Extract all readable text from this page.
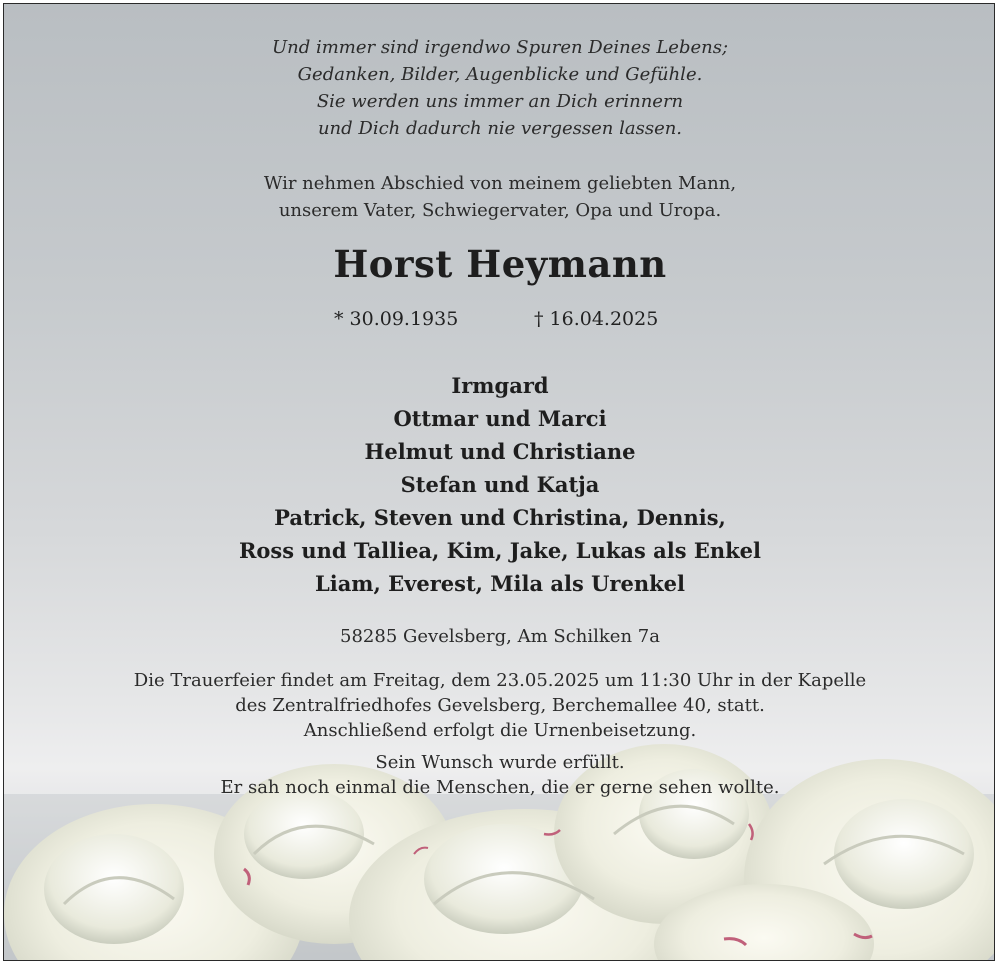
Und immer sind irgendwo Spuren Deines Lebens;
Gedanken, Bilder, Augenblicke und Gefühle.
Sie werden uns immer an Dich erinnern
und Dich dadurch nie vergessen lassen.
Wir nehmen Abschied von meinem geliebten Mann,
unserem Vater, Schwiegervater, Opa und Uropa.
Horst Heymann
* 30.09.1935	† 16.04.2025
Irmgard
Ottmar und Marci
Helmut und Christiane
Stefan und Katja
Patrick, Steven und Christina, Dennis,
Ross und Talliea, Kim, Jake, Lukas als Enkel
Liam, Everest, Mila als Urenkel
58285 Gevelsberg, Am Schilken 7a
Die Trauerfeier findet am Freitag, dem 23.05.2025 um 11:30 Uhr in der Kapelle
des Zentralfriedhofes Gevelsberg, Berchemallee 40, statt.
Anschließend erfolgt die Urnenbeisetzung.
Sein Wunsch wurde erfüllt.
Er sah noch einmal die Menschen, die er gerne sehen wollte.
